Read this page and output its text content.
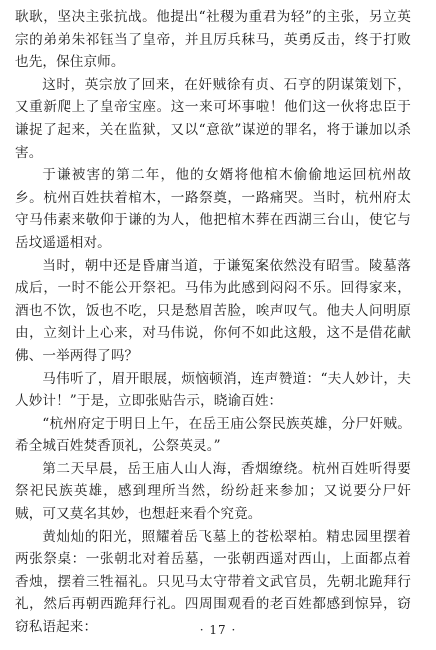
耿耿，坚决主张抗战。他提出“社稷为重君为轻”的主张，另立英宗的弟弟朱祁钰当了皇帝，并且厉兵秣马，英勇反击，终于打败也先，保住京师。

这时，英宗放了回来，在奸贼徐有贞、石亨的阴谋策划下，又重新爬上了皇帝宝座。这一来可坏事啦！他们这一伙将忠臣于谦捉了起来，关在监狱，又以“意欲”谋逆的罪名，将于谦加以杀害。

于谦被害的第二年，他的女婿将他棺木偷偷地运回杭州故乡。杭州百姓扶着棺木，一路祭奠，一路痛哭。当时，杭州府太守马伟素来敬仰于谦的为人，他把棺木葬在西湖三台山，使它与岳坟遥遥相对。

当时，朝中还是昏庸当道，于谦冤案依然没有昭雪。陵墓落成后，一时不能公开祭祀。马伟为此感到闷闷不乐。回得家来，酒也不饮，饭也不吃，只是愁眉苦脸，唉声叹气。他夫人问明原由，立刻计上心来，对马伟说，你何不如此这般，这不是借花献佛、一举两得了吗？

马伟听了，眉开眼展，烦恼顿消，连声赞道：“夫人妙计，夫人妙计！”于是，立即张贴告示，晓谕百姓：

“杭州府定于明日上午，在岳王庙公祭民族英雄，分尸奸贼。希全城百姓焚香顶礼，公祭英灵。”

第二天早晨，岳王庙人山人海，香烟缭绕。杭州百姓听得要祭祀民族英雄，感到理所当然，纷纷赶来参加；又说要分尸奸贼，可又莫名其妙，也想赶来看个究竟。

黄灿灿的阳光，照耀着岳飞墓上的苍松翠柏。精忠园里摆着两张祭桌：一张朝北对着岳墓，一张朝西遥对西山，上面都点着香烛，摆着三牲福礼。只见马太守带着文武官员，先朝北跪拜行礼，然后再朝西跪拜行礼。四周围观看的老百姓都感到惊异，窃窃私语起来：	· 17 ·
